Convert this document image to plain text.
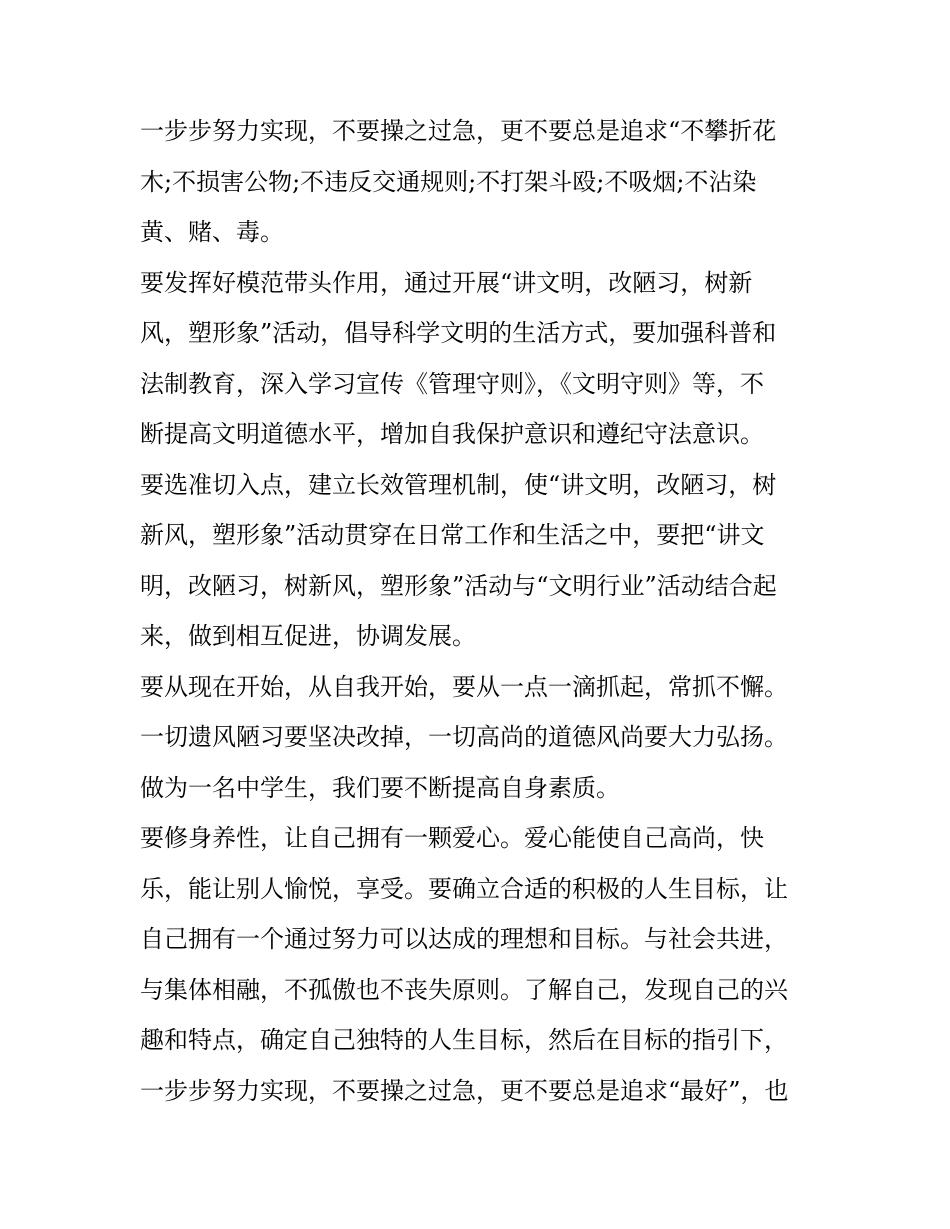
一步步努力实现，不要操之过急，更不要总是追求“不攀折花
木;不损害公物;不违反交通规则;不打架斗殴;不吸烟;不沾染
黄、赌、毒。
要发挥好模范带头作用，通过开展“讲文明，改陋习，树新
风，塑形象”活动，倡导科学文明的生活方式，要加强科普和
法制教育，深入学习宣传《管理守则》，《文明守则》等，不
断提高文明道德水平，增加自我保护意识和遵纪守法意识。
要选准切入点，建立长效管理机制，使“讲文明，改陋习，树
新风，塑形象”活动贯穿在日常工作和生活之中，要把“讲文
明，改陋习，树新风，塑形象”活动与“文明行业”活动结合起
来，做到相互促进，协调发展。
要从现在开始，从自我开始，要从一点一滴抓起，常抓不懈。
一切遗风陋习要坚决改掉，一切高尚的道德风尚要大力弘扬。
做为一名中学生，我们要不断提高自身素质。
要修身养性，让自己拥有一颗爱心。爱心能使自己高尚，快
乐，能让别人愉悦，享受。要确立合适的积极的人生目标，让
自己拥有一个通过努力可以达成的理想和目标。与社会共进，
与集体相融，不孤傲也不丧失原则。了解自己，发现自己的兴
趣和特点，确定自己独特的人生目标，然后在目标的指引下，
一步步努力实现，不要操之过急，更不要总是追求“最好”，也
